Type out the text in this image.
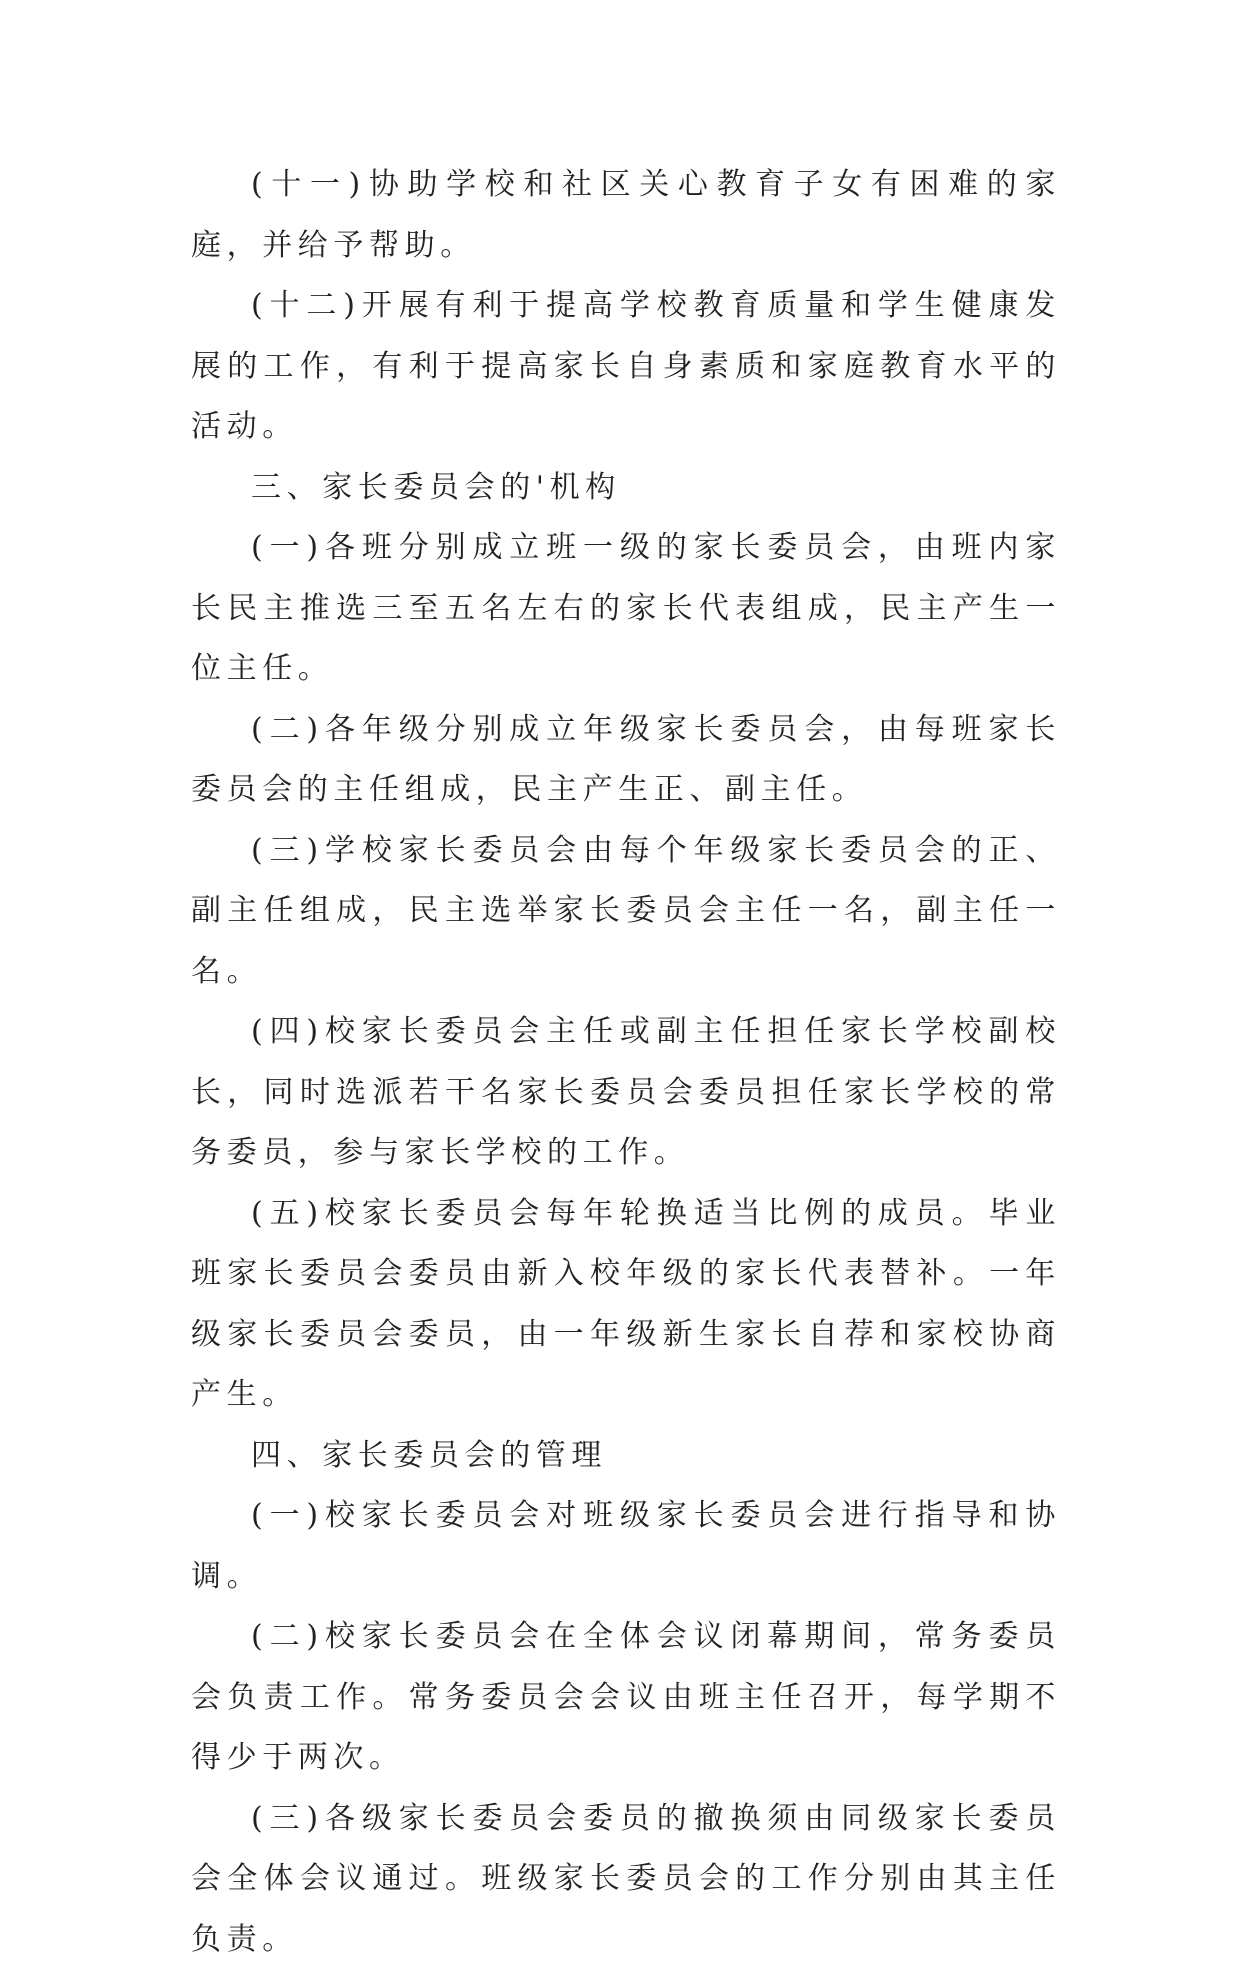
(十一)协助学校和社区关心教育子女有困难的家庭，并给予帮助。

(十二)开展有利于提高学校教育质量和学生健康发展的工作，有利于提高家长自身素质和家庭教育水平的活动。

三、家长委员会的'机构

(一)各班分别成立班一级的家长委员会，由班内家长民主推选三至五名左右的家长代表组成，民主产生一位主任。

(二)各年级分别成立年级家长委员会，由每班家长委员会的主任组成，民主产生正、副主任。

(三)学校家长委员会由每个年级家长委员会的正、副主任组成，民主选举家长委员会主任一名，副主任一名。

(四)校家长委员会主任或副主任担任家长学校副校长，同时选派若干名家长委员会委员担任家长学校的常务委员，参与家长学校的工作。

(五)校家长委员会每年轮换适当比例的成员。毕业班家长委员会委员由新入校年级的家长代表替补。一年级家长委员会委员，由一年级新生家长自荐和家校协商产生。

四、家长委员会的管理

(一)校家长委员会对班级家长委员会进行指导和协调。

(二)校家长委员会在全体会议闭幕期间，常务委员会负责工作。常务委员会会议由班主任召开，每学期不得少于两次。

(三)各级家长委员会委员的撤换须由同级家长委员会全体会议通过。班级家长委员会的工作分别由其主任负责。
